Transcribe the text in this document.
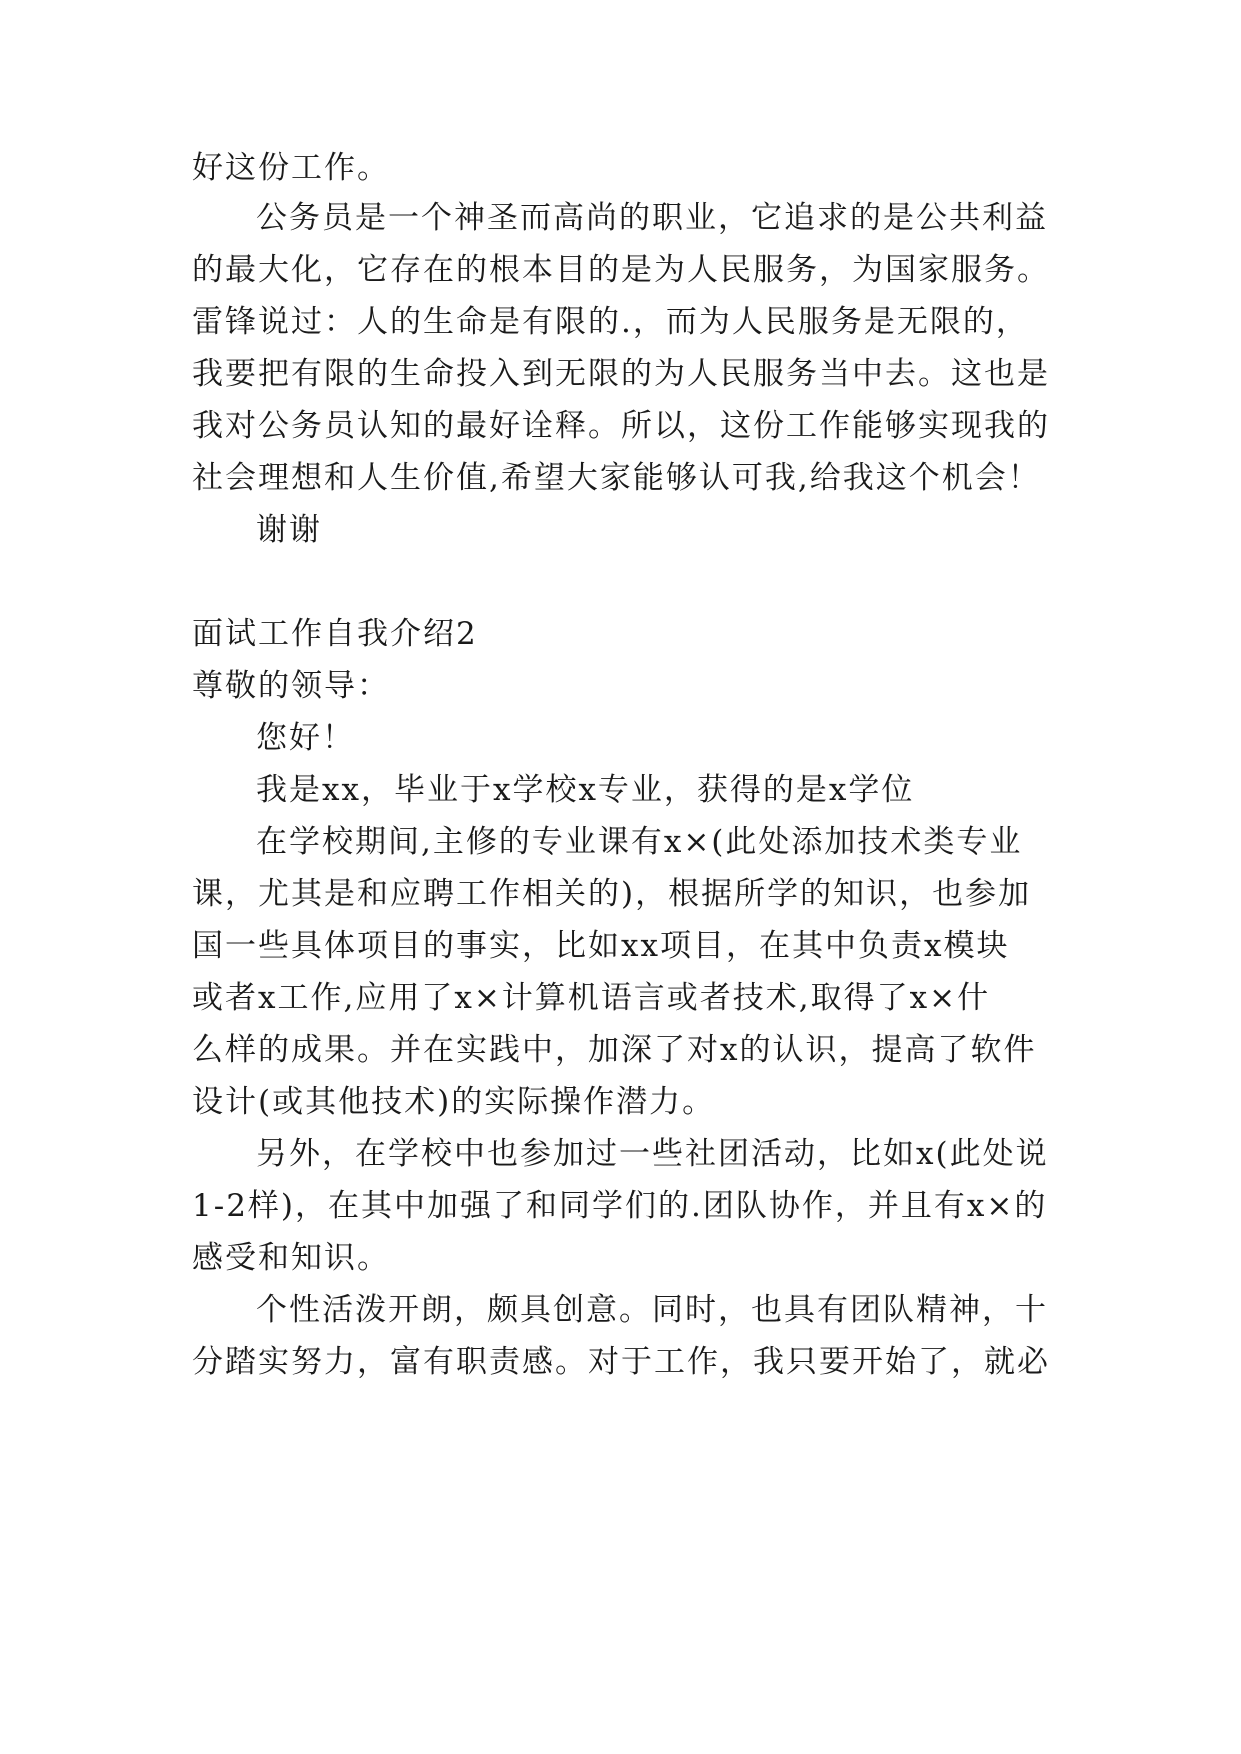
好这份工作。
公务员是一个神圣而高尚的职业，它追求的是公共利益
的最大化，它存在的根本目的是为人民服务，为国家服务。
雷锋说过：人的生命是有限的.，而为人民服务是无限的，
我要把有限的生命投入到无限的为人民服务当中去。这也是
我对公务员认知的最好诠释。所以，这份工作能够实现我的
社会理想和人生价值,希望大家能够认可我,给我这个机会！
谢谢
面试工作自我介绍2
尊敬的领导：
您好！
我是xx，毕业于x学校x专业，获得的是x学位
在学校期间,主修的专业课有x×(此处添加技术类专业
课，尤其是和应聘工作相关的)，根据所学的知识，也参加
国一些具体项目的事实，比如xx项目，在其中负责x模块
或者x工作,应用了x×计算机语言或者技术,取得了x×什
么样的成果。并在实践中，加深了对x的认识，提高了软件
设计(或其他技术)的实际操作潜力。
另外，在学校中也参加过一些社团活动，比如x(此处说
1-2样)，在其中加强了和同学们的.团队协作，并且有x×的
感受和知识。
个性活泼开朗，颇具创意。同时，也具有团队精神，十
分踏实努力，富有职责感。对于工作，我只要开始了，就必
